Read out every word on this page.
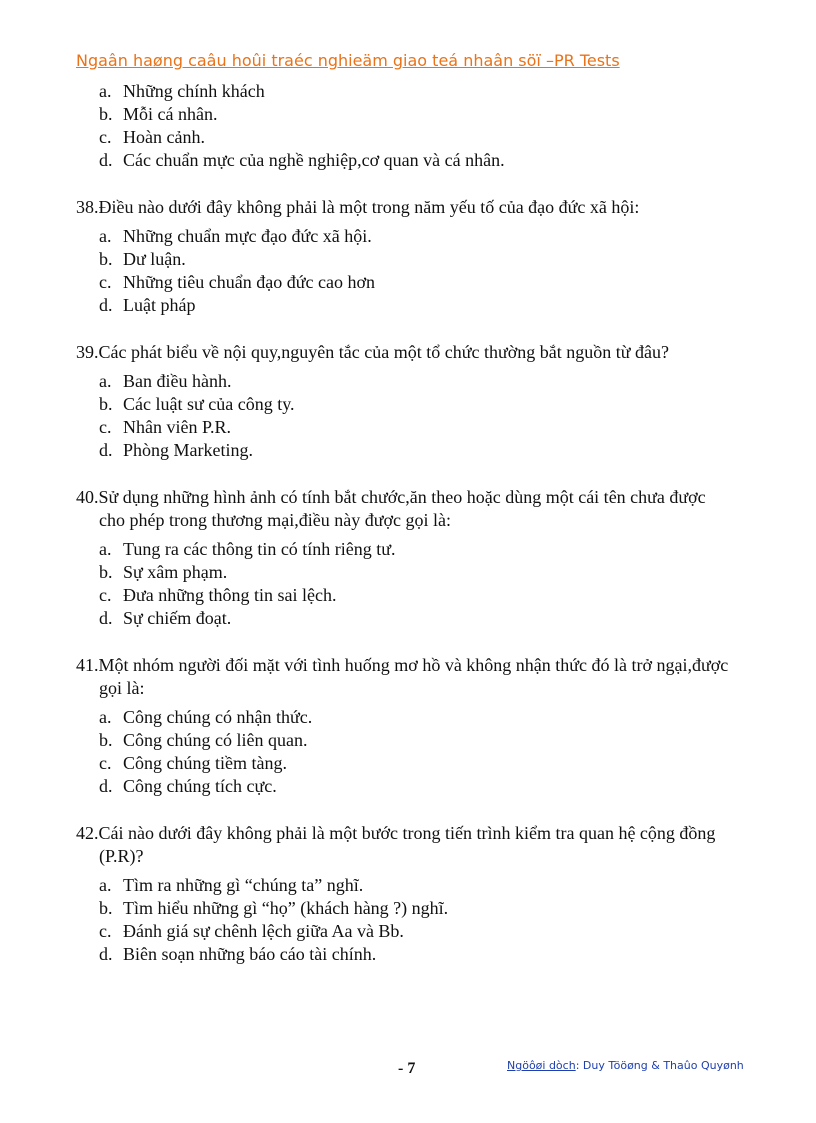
Ngaân haøng caâu hoûi traéc nghieäm giao teá nhaân söï –PR Tests
a. Những chính khách
b. Mỗi cá nhân.
c. Hoàn cảnh.
d. Các chuẩn mực của nghề nghiệp,cơ quan và cá nhân.
38.Điều nào dưới đây không phải là một trong năm yếu tố của đạo đức xã hội:
a. Những chuẩn mực đạo đức xã hội.
b. Dư luận.
c. Những tiêu chuẩn đạo đức cao hơn
d. Luật pháp
39.Các phát biểu về nội quy,nguyên tắc của một tổ chức thường bắt nguồn từ đâu?
a. Ban điều hành.
b. Các luật sư của công ty.
c. Nhân viên P.R.
d. Phòng Marketing.
40.Sử dụng những hình ảnh có tính bắt chước,ăn theo hoặc dùng một cái tên chưa được cho phép trong thương mại,điều này được gọi là:
a. Tung ra các thông tin có tính riêng tư.
b. Sự xâm phạm.
c. Đưa những thông tin sai lệch.
d. Sự chiếm đoạt.
41.Một nhóm người đối mặt với tình huống mơ hồ và không nhận thức đó là trở ngại,được gọi là:
a. Công chúng có nhận thức.
b. Công chúng có liên quan.
c. Công chúng tiềm tàng.
d. Công chúng tích cực.
42.Cái nào dưới đây không phải là một bước trong tiến trình kiểm tra quan hệ cộng đồng (P.R)?
a. Tìm ra những gì “chúng ta” nghĩ.
b. Tìm hiểu những gì “họ” (khách hàng ?) nghĩ.
c. Đánh giá sự chênh lệch giữa Aa và Bb.
d. Biên soạn những báo cáo tài chính.
- 7	Ngöôøi dòch: Duy Tööøng & Thaûo Quyønh
